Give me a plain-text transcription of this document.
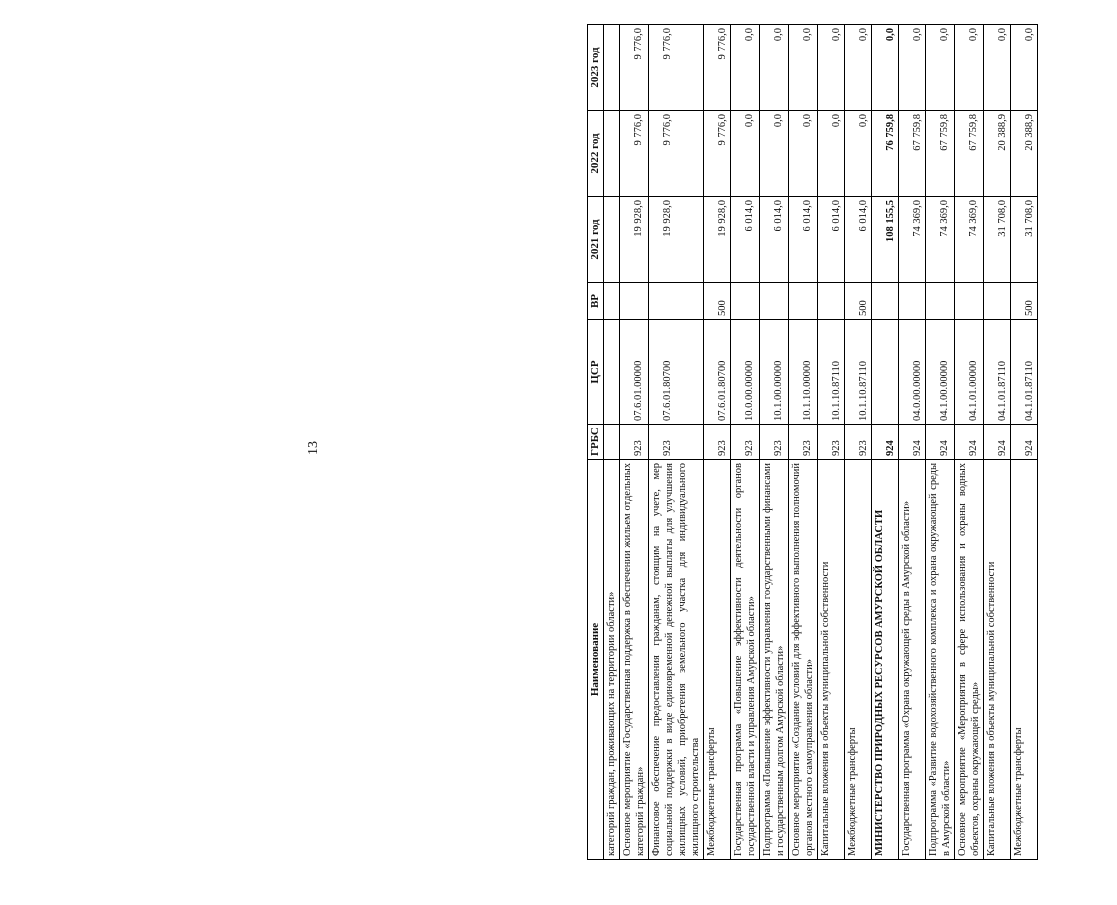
13
Наименование	ГРБС	ЦСР	ВР	2021 год	2022 год	2023 год
категорий граждан, проживающих на территории области»						
Основное мероприятие «Государственная поддержка в обеспечении жильем отдельных категорий граждан»	923	07.6.01.00000		19 928,0	9 776,0	9 776,0
Финансовое обеспечение предоставления гражданам, стоящим на учете, мер социальной поддержки в виде единовременной денежной выплаты для улучшения жилищных условий, приобретения земельного участка для индивидуального жилищного строительства	923	07.6.01.80700		19 928,0	9 776,0	9 776,0
Межбюджетные трансферты	923	07.6.01.80700	500	19 928,0	9 776,0	9 776,0
Государственная программа «Повышение эффективности деятельности органов государственной власти и управления Амурской области»	923	10.0.00.00000		6 014,0	0,0	0,0
Подпрограмма «Повышение эффективности управления государственными финансами и государственным долгом Амурской области»	923	10.1.00.00000		6 014,0	0,0	0,0
Основное мероприятие «Создание условий для эффективного выполнения полномочий органов местного самоуправления области»	923	10.1.10.00000		6 014,0	0,0	0,0
Капитальные вложения в объекты муниципальной собственности	923	10.1.10.87110		6 014,0	0,0	0,0
Межбюджетные трансферты	923	10.1.10.87110	500	6 014,0	0,0	0,0
МИНИСТЕРСТВО ПРИРОДНЫХ РЕСУРСОВ АМУРСКОЙ ОБЛАСТИ	924			108 155,5	76 759,8	0,0
Государственная программа «Охрана окружающей среды в Амурской области»	924	04.0.00.00000		74 369,0	67 759,8	0,0
Подпрограмма «Развитие водохозяйственного комплекса и охрана окружающей среды в Амурской области»	924	04.1.00.00000		74 369,0	67 759,8	0,0
Основное мероприятие «Мероприятия в сфере использования и охраны водных объектов, охраны окружающей среды»	924	04.1.01.00000		74 369,0	67 759,8	0,0
Капитальные вложения в объекты муниципальной собственности	924	04.1.01.87110		31 708,0	20 388,9	0,0
Межбюджетные трансферты	924	04.1.01.87110	500	31 708,0	20 388,9	0,0
